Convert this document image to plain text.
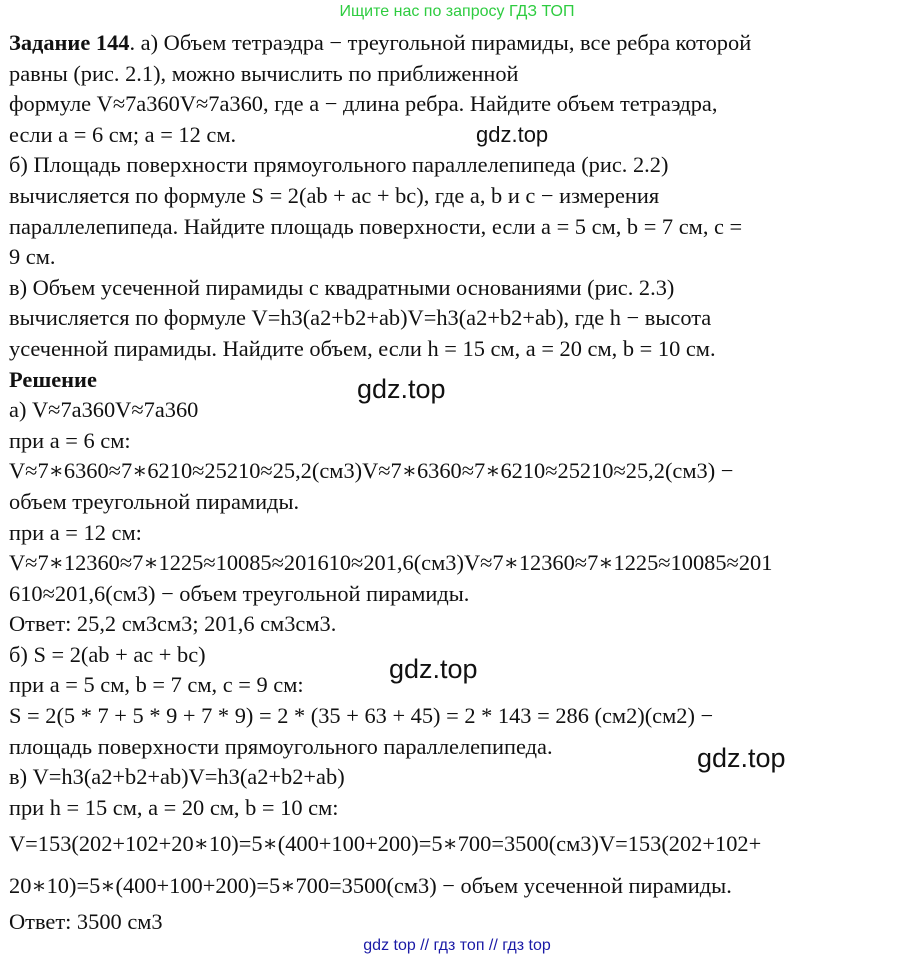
Ищите нас по запросу ГДЗ ТОП
Задание 144. а) Объем тетраэдра − треугольной пирамиды, все ребра которой
равны (рис. 2.1), можно вычислить по приближенной
формуле V≈7a360V≈7a360, где a − длина ребра. Найдите объем тетраэдра,
если a = 6 см; a = 12 см.
б) Площадь поверхности прямоугольного параллелепипеда (рис. 2.2)
вычисляется по формуле S = 2(ab + ac + bc), где a, b и c − измерения
параллелепипеда. Найдите площадь поверхности, если a = 5 см, b = 7 см, c =
9 см.
в) Объем усеченной пирамиды с квадратными основаниями (рис. 2.3)
вычисляется по формуле V=h3(a2+b2+ab)V=h3(a2+b2+ab), где h − высота
усеченной пирамиды. Найдите объем, если h = 15 см, a = 20 см, b = 10 см.
Решение
а) V≈7a360V≈7a360
при a = 6 см:
V≈7∗6360≈7∗6210≈25210≈25,2(см3)V≈7∗6360≈7∗6210≈25210≈25,2(см3) −
объем треугольной пирамиды.
при a = 12 см:
V≈7∗12360≈7∗1225≈10085≈201610≈201,6(см3)V≈7∗12360≈7∗1225≈10085≈201
610≈201,6(см3) − объем треугольной пирамиды.
Ответ: 25,2 см3см3; 201,6 см3см3.
б) S = 2(ab + ac + bc)
при a = 5 см, b = 7 см, c = 9 см:
S = 2(5 * 7 + 5 * 9 + 7 * 9) = 2 * (35 + 63 + 45) = 2 * 143 = 286 (см2)(см2) −
площадь поверхности прямоугольного параллелепипеда.
в) V=h3(a2+b2+ab)V=h3(a2+b2+ab)
при h = 15 см, a = 20 см, b = 10 см:
V=153(202+102+20∗10)=5∗(400+100+200)=5∗700=3500(см3)V=153(202+102+
20∗10)=5∗(400+100+200)=5∗700=3500(см3) − объем усеченной пирамиды.
Ответ: 3500 см3
gdz.top
gdz.top
gdz.top
gdz.top
gdz top // гдз топ // гдз top
